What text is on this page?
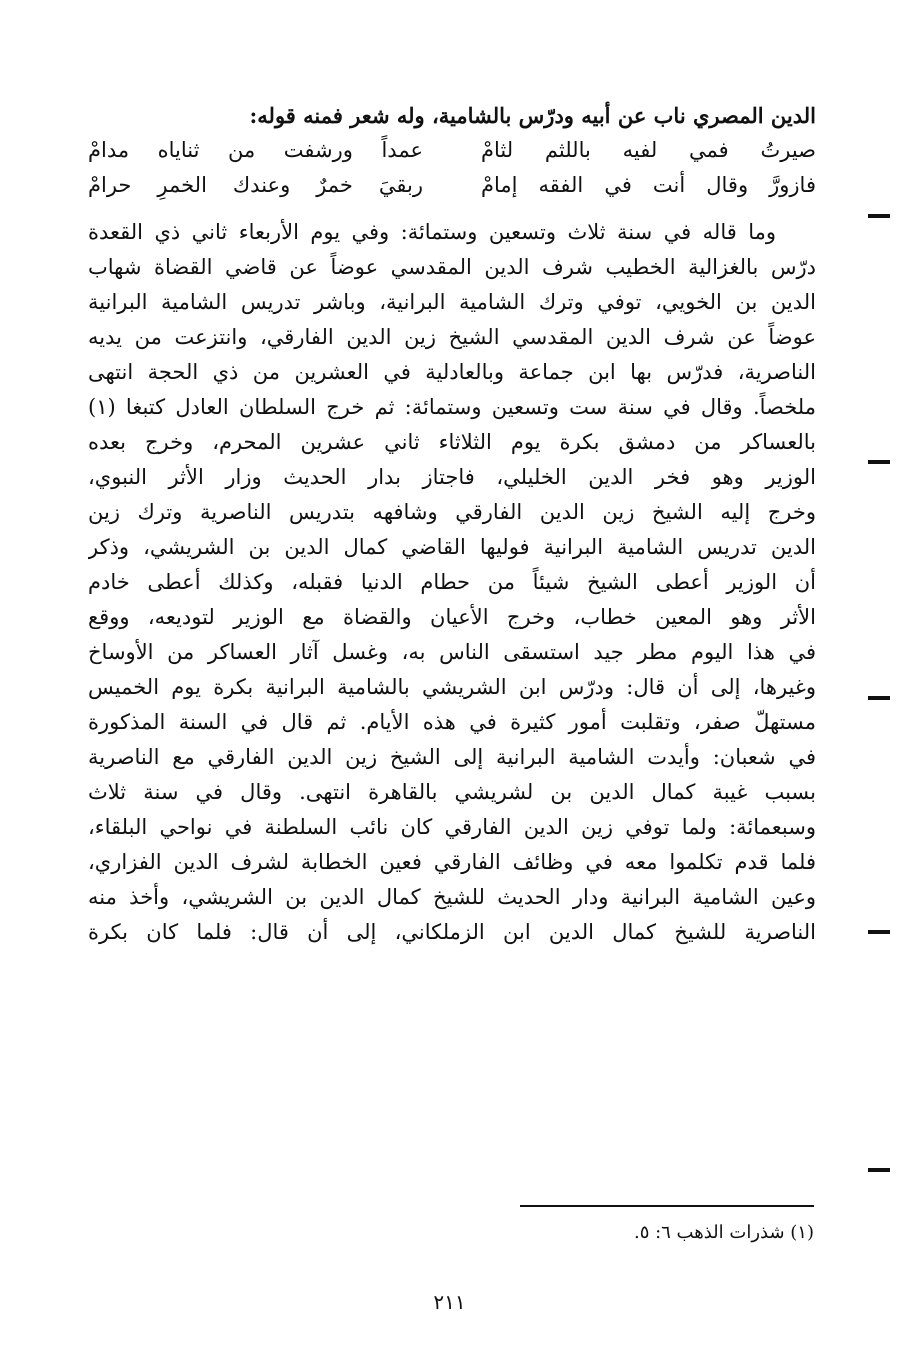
الدين المصري ناب عن أبيه ودرّس بالشامية، وله شعر فمنه قوله:
صيرتُ فمي لفيه باللثم لثامْ
عمداً ورشفت من ثناياه مدامْ
فازورَّ وقال أنت في الفقه إمامْ
ربقيَ خمرٌ وعندك الخمرِ حرامْ
وما قاله في سنة ثلاث وتسعين وستمائة: وفي يوم الأربعاء ثاني ذي القعدة
درّس بالغزالية الخطيب شرف الدين المقدسي عوضاً عن قاضي القضاة شهاب
الدين بن الخويي، توفي وترك الشامية البرانية، وباشر تدريس الشامية البرانية
عوضاً عن شرف الدين المقدسي الشيخ زين الدين الفارقي، وانتزعت من يديه
الناصرية، فدرّس بها ابن جماعة وبالعادلية في العشرين من ذي الحجة انتهى
ملخصاً. وقال في سنة ست وتسعين وستمائة: ثم خرج السلطان العادل كتبغا (١)
بالعساكر من دمشق بكرة يوم الثلاثاء ثاني عشرين المحرم، وخرج بعده
الوزير وهو فخر الدين الخليلي، فاجتاز بدار الحديث وزار الأثر النبوي،
وخرج إليه الشيخ زين الدين الفارقي وشافهه بتدريس الناصرية وترك زين
الدين تدريس الشامية البرانية فوليها القاضي كمال الدين بن الشريشي، وذكر
أن الوزير أعطى الشيخ شيئاً من حطام الدنيا فقبله، وكذلك أعطى خادم
الأثر وهو المعين خطاب، وخرج الأعيان والقضاة مع الوزير لتوديعه، ووقع
في هذا اليوم مطر جيد استسقى الناس به، وغسل آثار العساكر من الأوساخ
وغيرها، إلى أن قال: ودرّس ابن الشريشي بالشامية البرانية بكرة يوم الخميس
مستهلّ صفر، وتقلبت أمور كثيرة في هذه الأيام. ثم قال في السنة المذكورة
في شعبان: وأيدت الشامية البرانية إلى الشيخ زين الدين الفارقي مع الناصرية
بسبب غيبة كمال الدين بن لشريشي بالقاهرة انتهى. وقال في سنة ثلاث
وسبعمائة: ولما توفي زين الدين الفارقي كان نائب السلطنة في نواحي البلقاء،
فلما قدم تكلموا معه في وظائف الفارقي فعين الخطابة لشرف الدين الفزاري،
وعين الشامية البرانية ودار الحديث للشيخ كمال الدين بن الشريشي، وأخذ منه
الناصرية للشيخ كمال الدين ابن الزملكاني، إلى أن قال: فلما كان بكرة
(١) شذرات الذهب ٦: ٥.
٢١١
